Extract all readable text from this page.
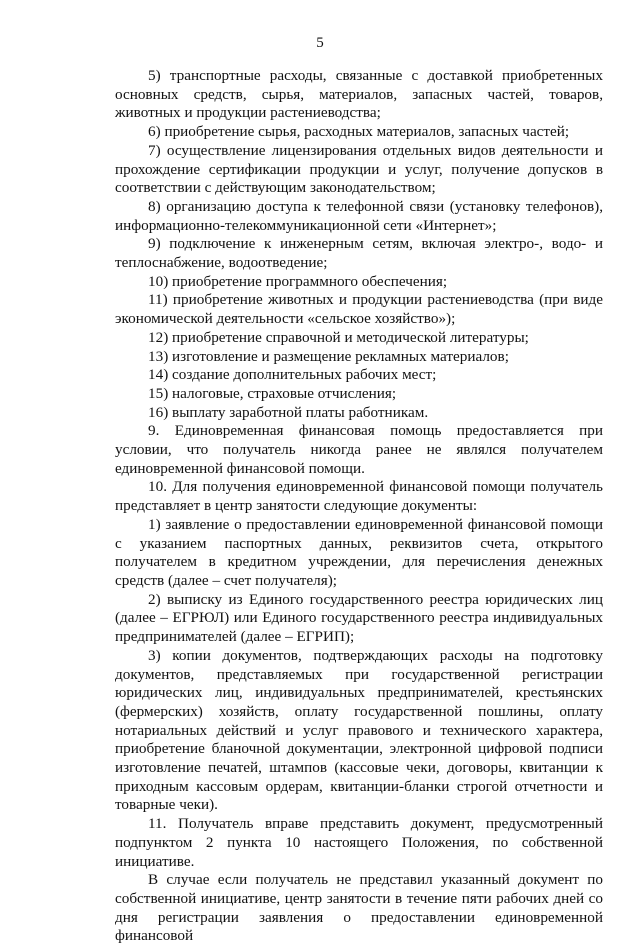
5

5) транспортные расходы, связанные с доставкой приобретенных основных средств, сырья, материалов, запасных частей, товаров, животных и продукции растениеводства;

6) приобретение сырья, расходных материалов, запасных частей;

7) осуществление лицензирования отдельных видов деятельности и прохождение сертификации продукции и услуг, получение допусков в соответствии с действующим законодательством;

8) организацию доступа к телефонной связи (установку телефонов), информационно-телекоммуникационной сети «Интернет»;

9) подключение к инженерным сетям, включая электро-, водо- и теплоснабжение, водоотведение;

10) приобретение программного обеспечения;

11) приобретение животных и продукции растениеводства (при виде экономической деятельности «сельское хозяйство»);

12) приобретение справочной и методической литературы;

13) изготовление и размещение рекламных материалов;

14) создание дополнительных рабочих мест;

15) налоговые, страховые отчисления;

16) выплату заработной платы работникам.

9. Единовременная финансовая помощь предоставляется при условии, что получатель никогда ранее не являлся получателем единовременной финансовой помощи.

10. Для получения единовременной финансовой помощи получатель представляет в центр занятости следующие документы:

1) заявление о предоставлении единовременной финансовой помощи с указанием паспортных данных, реквизитов счета, открытого получателем в кредитном учреждении, для перечисления денежных средств (далее – счет получателя);

2) выписку из Единого государственного реестра юридических лиц (далее – ЕГРЮЛ) или Единого государственного реестра индивидуальных предпринимателей (далее – ЕГРИП);

3) копии документов, подтверждающих расходы на подготовку документов, представляемых при государственной регистрации юридических лиц, индивидуальных предпринимателей, крестьянских (фермерских) хозяйств, оплату государственной пошлины, оплату нотариальных действий и услуг правового и технического характера, приобретение бланочной документации, электронной цифровой подписи изготовление печатей, штампов (кассовые чеки, договоры, квитанции к приходным кассовым ордерам, квитанции-бланки строгой отчетности и товарные чеки).

11. Получатель вправе представить документ, предусмотренный подпунктом 2 пункта 10 настоящего Положения, по собственной инициативе.

В случае если получатель не представил указанный документ по собственной инициативе, центр занятости в течение пяти рабочих дней со дня регистрации заявления о предоставлении единовременной финансовой
